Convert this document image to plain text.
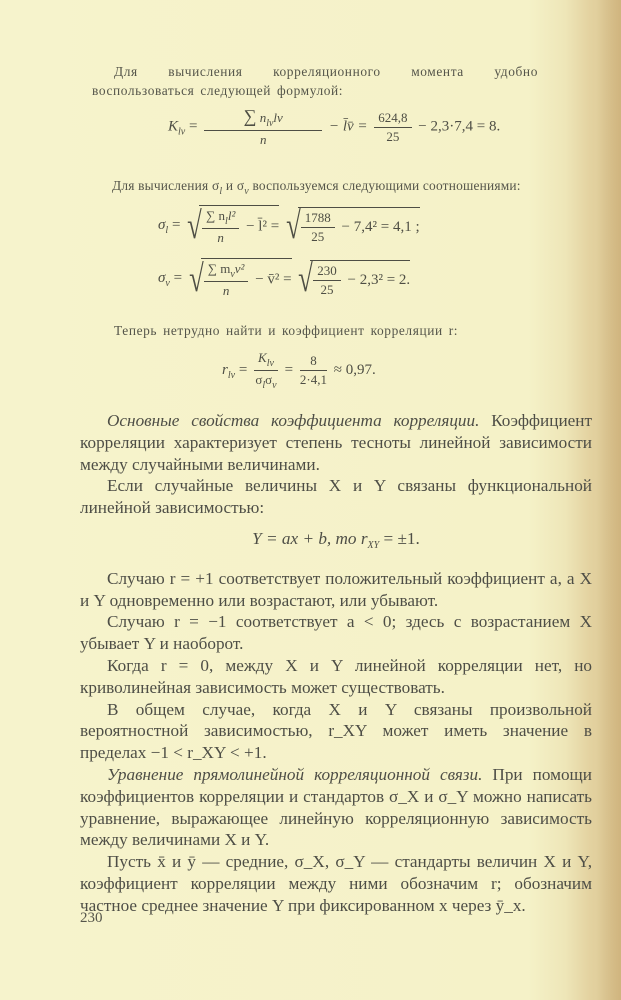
Для вычисления корреляционного момента удобно воспользоваться следующей формулой:
$K_{lv} = \frac{\sum n_{lv}lv}{n}$ − l̄v̄ = $\frac{624,8}{25} - 2,3\cdot 7,4 = 8$.
Для вычисления $\sigma_l$ и $\sigma_v$ воспользуемся следующими соотношениями:
$\sigma_l$ = √ $\frac{\sum n_ll^2}{n}$ − l̄² = √ $\frac{1788}{25} - 7,4^2 = 4,1$ ;
$\sigma_v$ = √ $\frac{\sum m_vv^2}{n}$ − v̄² = √ $\frac{230}{25} - 2,3^2 = 2$.
Теперь нетрудно найти и коэффициент корреляции r:
$r_{lv} = \frac{K_{lv}}{\sigma_l\sigma_v} = \frac{8}{2\cdot 4,1} \approx 0,97$.

Основные свойства коэффициента корреляции. Коэффициент корреляции характеризует степень тесноты линейной зависимости между случайными величинами.

Если случайные величины X и Y связаны функциональной линейной зависимостью:

Y = ax + b, то $r_{XY} = \pm 1$.

Случаю r = +1 соответствует положительный коэффициент a, а X и Y одновременно или возрастают, или убывают.

Случаю r = −1 соответствует a < 0; здесь с возрастанием X убывает Y и наоборот.

Когда r = 0, между X и Y линейной корреляции нет, но криволинейная зависимость может существовать.

В общем случае, когда X и Y связаны произвольной вероятностной зависимостью, r_XY может иметь значение в пределах −1 < r_XY < +1.

Уравнение прямолинейной корреляционной связи. При помощи коэффициентов корреляции и стандартов σ_X и σ_Y можно написать уравнение, выражающее линейную корреляционную зависимость между величинами X и Y.

Пусть x̄ и ȳ — средние, σ_X, σ_Y — стандарты величин X и Y, коэффициент корреляции между ними обозначим r; обозначим частное среднее значение Y при фиксированном x через ȳ_x.

230
